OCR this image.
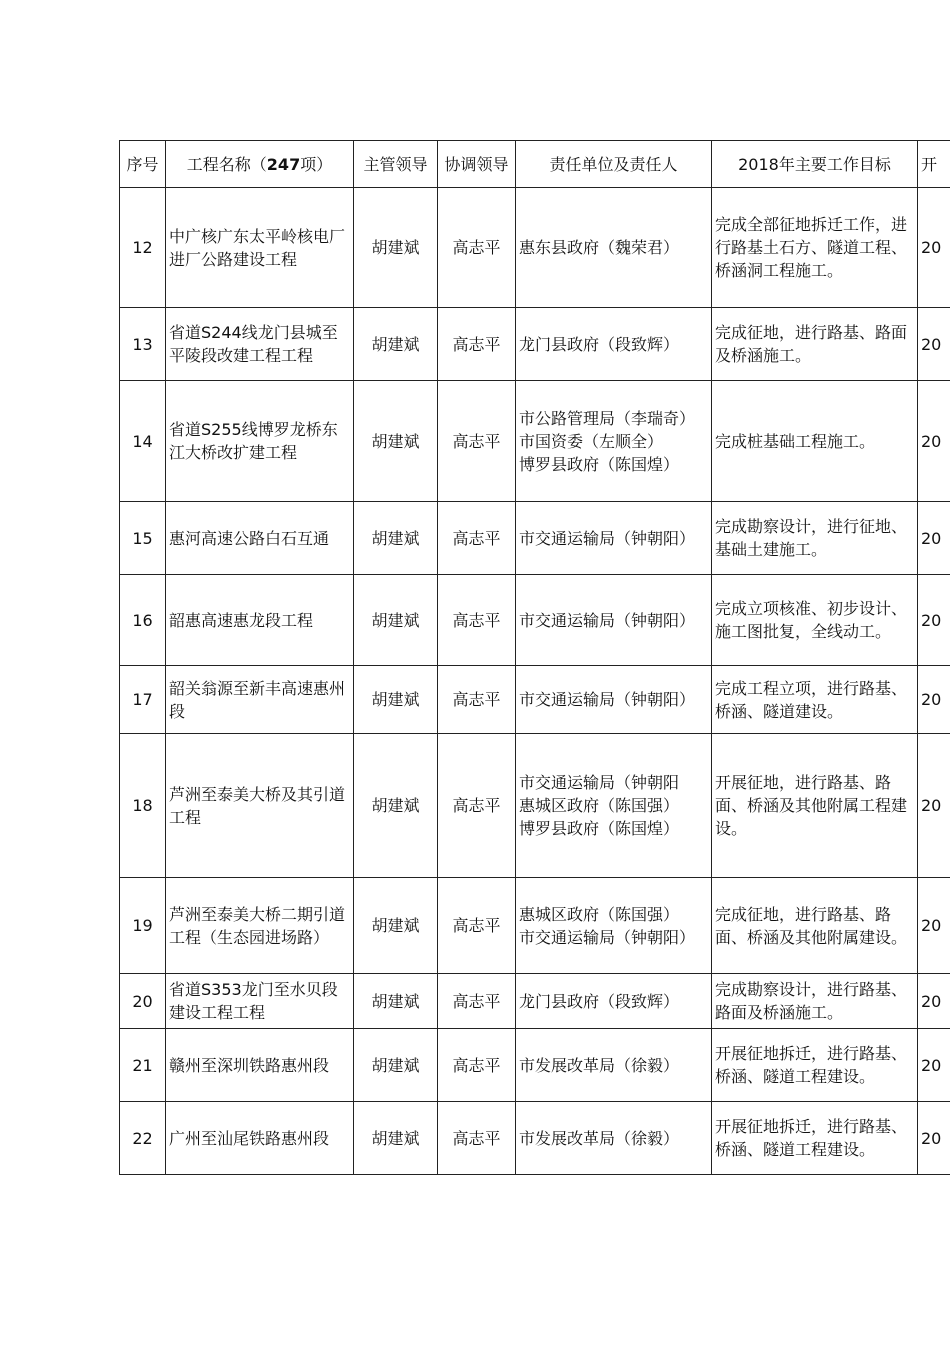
序号	工程名称（247项）	主管领导	协调领导	责任单位及责任人	2018年主要工作目标	开
12	中广核广东太平岭核电厂进厂公路建设工程	胡建斌	高志平	惠东县政府（魏荣君）	完成全部征地拆迁工作，进行路基土石方、隧道工程、桥涵洞工程施工。	20
13	省道S244线龙门县城至平陵段改建工程工程	胡建斌	高志平	龙门县政府（段致辉）	完成征地，进行路基、路面及桥涵施工。	20
14	省道S255线博罗龙桥东江大桥改扩建工程	胡建斌	高志平	市公路管理局（李瑞奇）
市国资委（左顺全）
博罗县政府（陈国煌）	完成桩基础工程施工。	20
15	惠河高速公路白石互通	胡建斌	高志平	市交通运输局（钟朝阳）	完成勘察设计，进行征地、基础土建施工。	20
16	韶惠高速惠龙段工程	胡建斌	高志平	市交通运输局（钟朝阳）	完成立项核准、初步设计、施工图批复，全线动工。	20
17	韶关翁源至新丰高速惠州段	胡建斌	高志平	市交通运输局（钟朝阳）	完成工程立项，进行路基、桥涵、隧道建设。	20
18	芦洲至泰美大桥及其引道工程	胡建斌	高志平	市交通运输局（钟朝阳
惠城区政府（陈国强）
博罗县政府（陈国煌）	开展征地，进行路基、路面、桥涵及其他附属工程建设。	20
19	芦洲至泰美大桥二期引道工程（生态园进场路）	胡建斌	高志平	惠城区政府（陈国强）
市交通运输局（钟朝阳）	完成征地，进行路基、路面、桥涵及其他附属建设。	20
20	省道S353龙门至水贝段建设工程工程	胡建斌	高志平	龙门县政府（段致辉）	完成勘察设计，进行路基、路面及桥涵施工。	20
21	赣州至深圳铁路惠州段	胡建斌	高志平	市发展改革局（徐毅）	开展征地拆迁，进行路基、桥涵、隧道工程建设。	20
22	广州至汕尾铁路惠州段	胡建斌	高志平	市发展改革局（徐毅）	开展征地拆迁，进行路基、桥涵、隧道工程建设。	20
